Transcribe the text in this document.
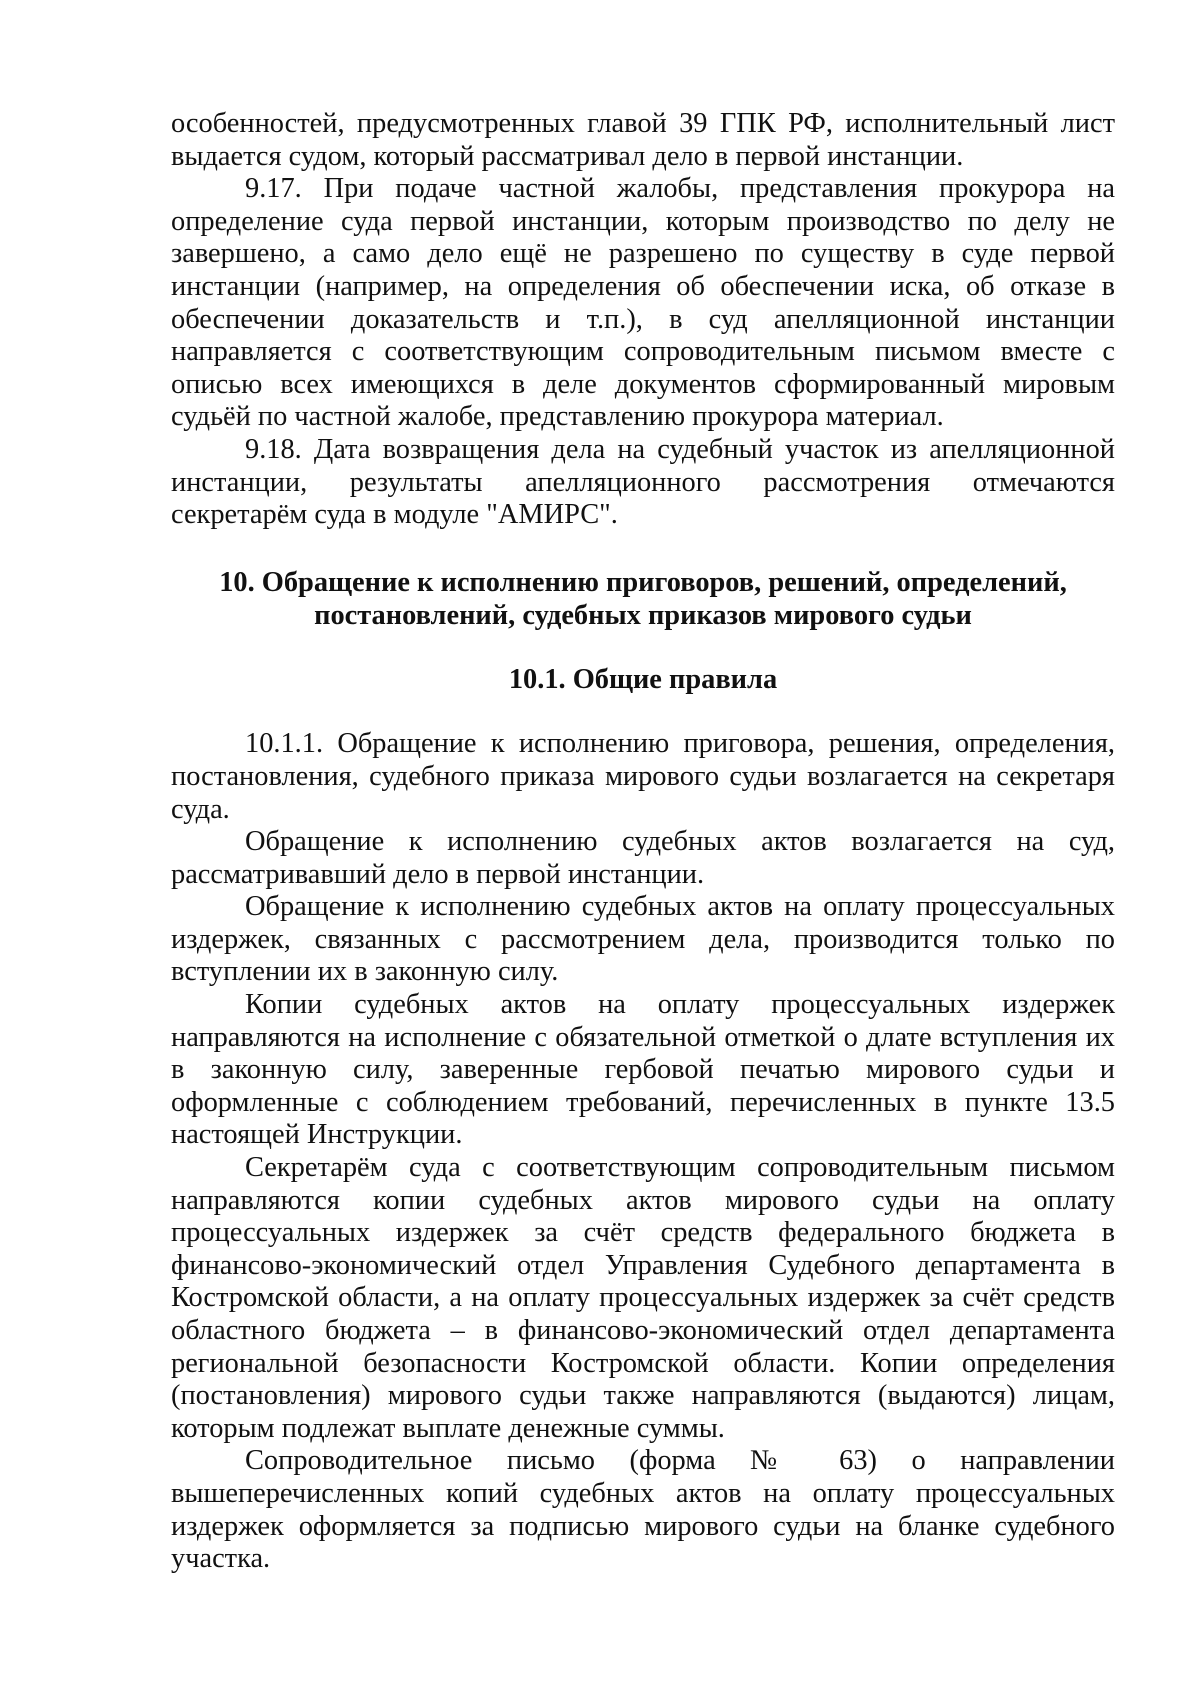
особенностей, предусмотренных главой 39 ГПК РФ, исполнительный лист выдается судом, который рассматривал дело в первой инстанции.

9.17. При подаче частной жалобы, представления прокурора на определение суда первой инстанции, которым производство по делу не завершено, а само дело ещё не разрешено по существу в суде первой инстанции (например, на определения об обеспечении иска, об отказе в обеспечении доказательств и т.п.), в суд апелляционной инстанции направляется с соответствующим сопроводительным письмом вместе с описью всех имеющихся в деле документов сформированный мировым судьёй по частной жалобе, представлению прокурора материал.

9.18. Дата возвращения дела на судебный участок из апелляционной инстанции, результаты апелляционного рассмотрения отмечаются секретарём суда в модуле "АМИРС".

10. Обращение к исполнению приговоров, решений, определений,
постановлений, судебных приказов мирового судьи

10.1. Общие правила

10.1.1. Обращение к исполнению приговора, решения, определения, постановления, судебного приказа мирового судьи возлагается на секретаря суда.

Обращение к исполнению судебных актов возлагается на суд, рассматривавший дело в первой инстанции.

Обращение к исполнению судебных актов на оплату процессуальных издержек, связанных с рассмотрением дела, производится только по вступлении их в законную силу.

Копии судебных актов на оплату процессуальных издержек направляются на исполнение с обязательной отметкой о длате вступления их в законную силу, заверенные гербовой печатью мирового судьи и оформленные с соблюдением требований, перечисленных в пункте 13.5 настоящей Инструкции.

Секретарём суда с соответствующим сопроводительным письмом направляются копии судебных актов мирового судьи на оплату процессуальных издержек за счёт средств федерального бюджета в финансово-экономический отдел Управления Судебного департамента в Костромской области, а на оплату процессуальных издержек за счёт средств областного бюджета – в финансово-экономический отдел департамента региональной безопасности Костромской области. Копии определения (постановления) мирового судьи также направляются (выдаются) лицам, которым подлежат выплате денежные суммы.

Сопроводительное письмо (форма № 63) о направлении вышеперечисленных копий судебных актов на оплату процессуальных издержек оформляется за подписью мирового судьи на бланке судебного участка.
